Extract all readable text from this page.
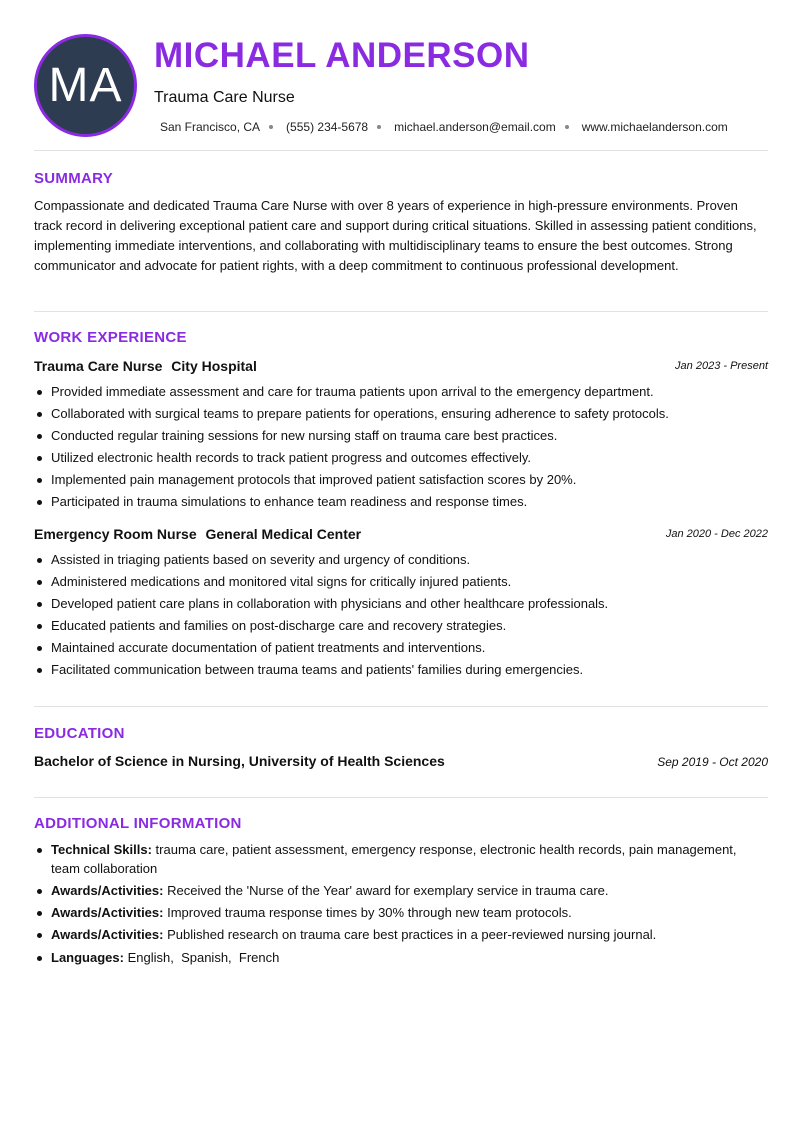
MA
MICHAEL ANDERSON
Trauma Care Nurse
San Francisco, CA (555) 234-5678 michael.anderson@email.com www.michaelanderson.com
SUMMARY

Compassionate and dedicated Trauma Care Nurse with over 8 years of experience in high-pressure environments. Proven track record in delivering exceptional patient care and support during critical situations. Skilled in assessing patient conditions, implementing immediate interventions, and collaborating with multidisciplinary teams to ensure the best outcomes. Strong communicator and advocate for patient rights, with a deep commitment to continuous professional development.

WORK EXPERIENCE
Trauma Care Nurse City Hospital	Jan 2023 - Present
Provided immediate assessment and care for trauma patients upon arrival to the emergency department.
Collaborated with surgical teams to prepare patients for operations, ensuring adherence to safety protocols.
Conducted regular training sessions for new nursing staff on trauma care best practices.
Utilized electronic health records to track patient progress and outcomes effectively.
Implemented pain management protocols that improved patient satisfaction scores by 20%.
Participated in trauma simulations to enhance team readiness and response times.
Emergency Room Nurse General Medical Center	Jan 2020 - Dec 2022
Assisted in triaging patients based on severity and urgency of conditions.
Administered medications and monitored vital signs for critically injured patients.
Developed patient care plans in collaboration with physicians and other healthcare professionals.
Educated patients and families on post-discharge care and recovery strategies.
Maintained accurate documentation of patient treatments and interventions.
Facilitated communication between trauma teams and patients' families during emergencies.
EDUCATION
Bachelor of Science in Nursing, University of Health Sciences	Sep 2019 - Oct 2020
ADDITIONAL INFORMATION
Technical Skills: trauma care, patient assessment, emergency response, electronic health records, pain management, team collaboration
Awards/Activities: Received the 'Nurse of the Year' award for exemplary service in trauma care.
Awards/Activities: Improved trauma response times by 30% through new team protocols.
Awards/Activities: Published research on trauma care best practices in a peer-reviewed nursing journal.
Languages: English,  Spanish,  French
